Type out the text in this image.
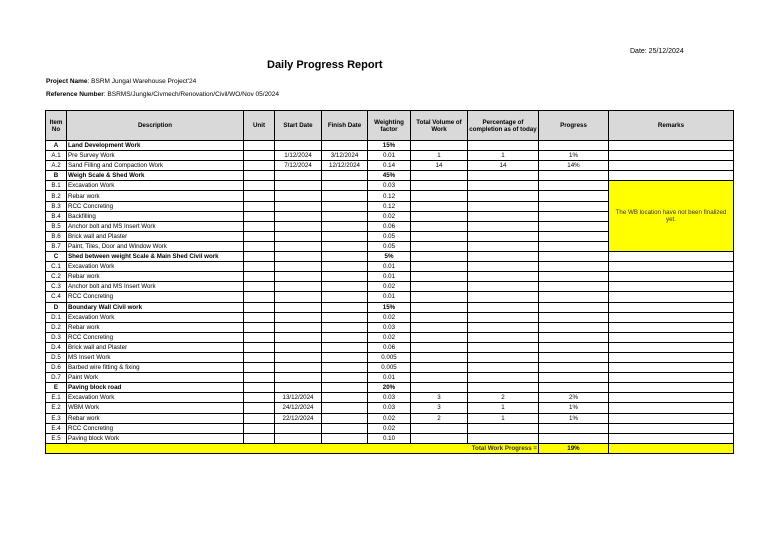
Date: 25/12/2024
Daily Progress Report
Project Name: BSRM Jungal Warehouse Project'24
Reference Number: BSRMS/Jungle/Civmech/Renovation/Civil/WO/Nov 05/2024
Item No	Description	Unit	Start Date	Finish Date	Weighting factor	Total Volume of Work	Percentage of completion as of today	Progress	Remarks
A	Land Development Work				15%				
A.1	Pre Survey Work		1/12/2024	3/12/2024	0.01	1	1	1%	
A.2	Sand Filling and Compaction Work		7/12/2024	12/12/2024	0.14	14	14	14%	
B	Weigh Scale & Shed Work				45%				
B.1	Excavation Work				0.03				The WB location have not been finalized yet.
B.2	Rebar work				0.12				
B.3	RCC Concreting				0.12				
B.4	Backfilling				0.02				
B.5	Anchor bolt and MS Insert Work				0.06				
B.6	Brick wall and Plaster				0.05				
B.7	Paint, Tiles, Door and Window Work				0.05				
C	Shed between weight Scale & Main Shed Civil work				5%				
C.1	Excavation Work				0.01				
C.2	Rebar work				0.01				
C.3	Anchor bolt and MS Insert Work				0.02				
C.4	RCC Concreting				0.01				
D	Boundary Wall Civil work				15%				
D.1	Excavation Work				0.02				
D.2	Rebar work				0.03				
D.3	RCC Concreting				0.02				
D.4	Brick wall and Plaster				0.06				
D.5	MS Insert Work				0.005				
D.6	Barbed wire fitting & fixing				0.005				
D.7	Paint Work				0.01				
E	Paving block road				20%				
E.1	Excavation Work		13/12/2024		0.03	3	2	2%	
E.2	WBM Work		24/12/2024		0.03	3	1	1%	
E.3	Rebar work		22/12/2024		0.02	2	1	1%	
E.4	RCC Concreting				0.02				
E.5	Paving block Work				0.10				
Total Work Progress =								19%	
